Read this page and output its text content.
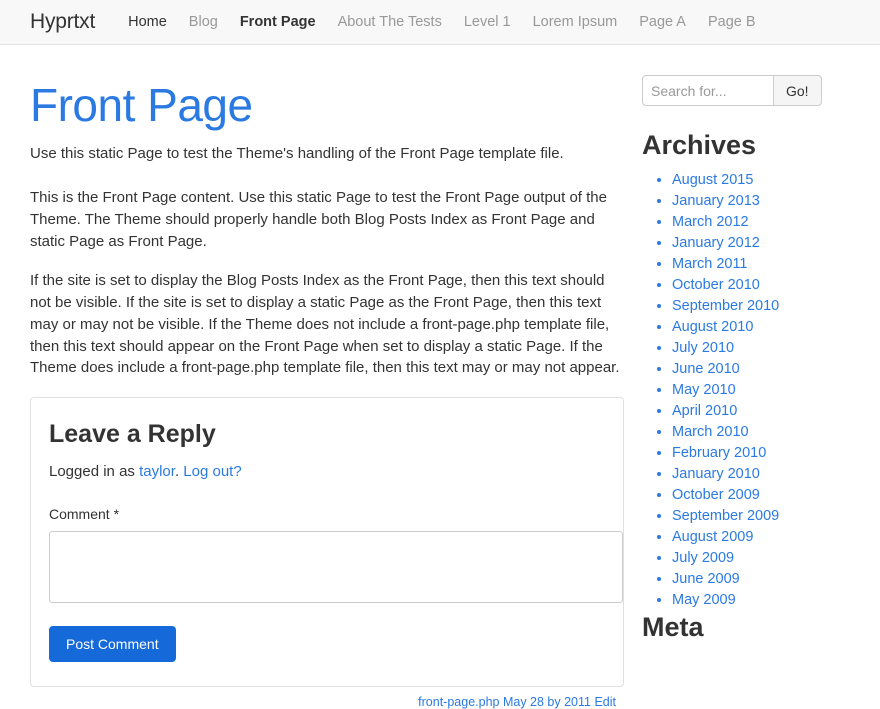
Hyprtxt	Home	Blog	Front Page	About The Tests	Level 1	Lorem Ipsum	Page A	Page B
Front Page

Use this static Page to test the Theme's handling of the Front Page template file.

This is the Front Page content. Use this static Page to test the Front Page output of the Theme. The Theme should properly handle both Blog Posts Index as Front Page and static Page as Front Page.

If the site is set to display the Blog Posts Index as the Front Page, then this text should not be visible. If the site is set to display a static Page as the Front Page, then this text may or may not be visible. If the Theme does not include a front-page.php template file, then this text should appear on the Front Page when set to display a static Page. If the Theme does include a front-page.php template file, then this text may or may not appear.

Leave a Reply
Logged in as taylor. Log out?
Comment *

Post Comment
front-page.php May 28 by 2011 Edit
Search for...
Go!
Archives
• August 2015
• January 2013
• March 2012
• January 2012
• March 2011
• October 2010
• September 2010
• August 2010
• July 2010
• June 2010
• May 2010
• April 2010
• March 2010
• February 2010
• January 2010
• October 2009
• September 2009
• August 2009
• July 2009
• June 2009
• May 2009
Meta
